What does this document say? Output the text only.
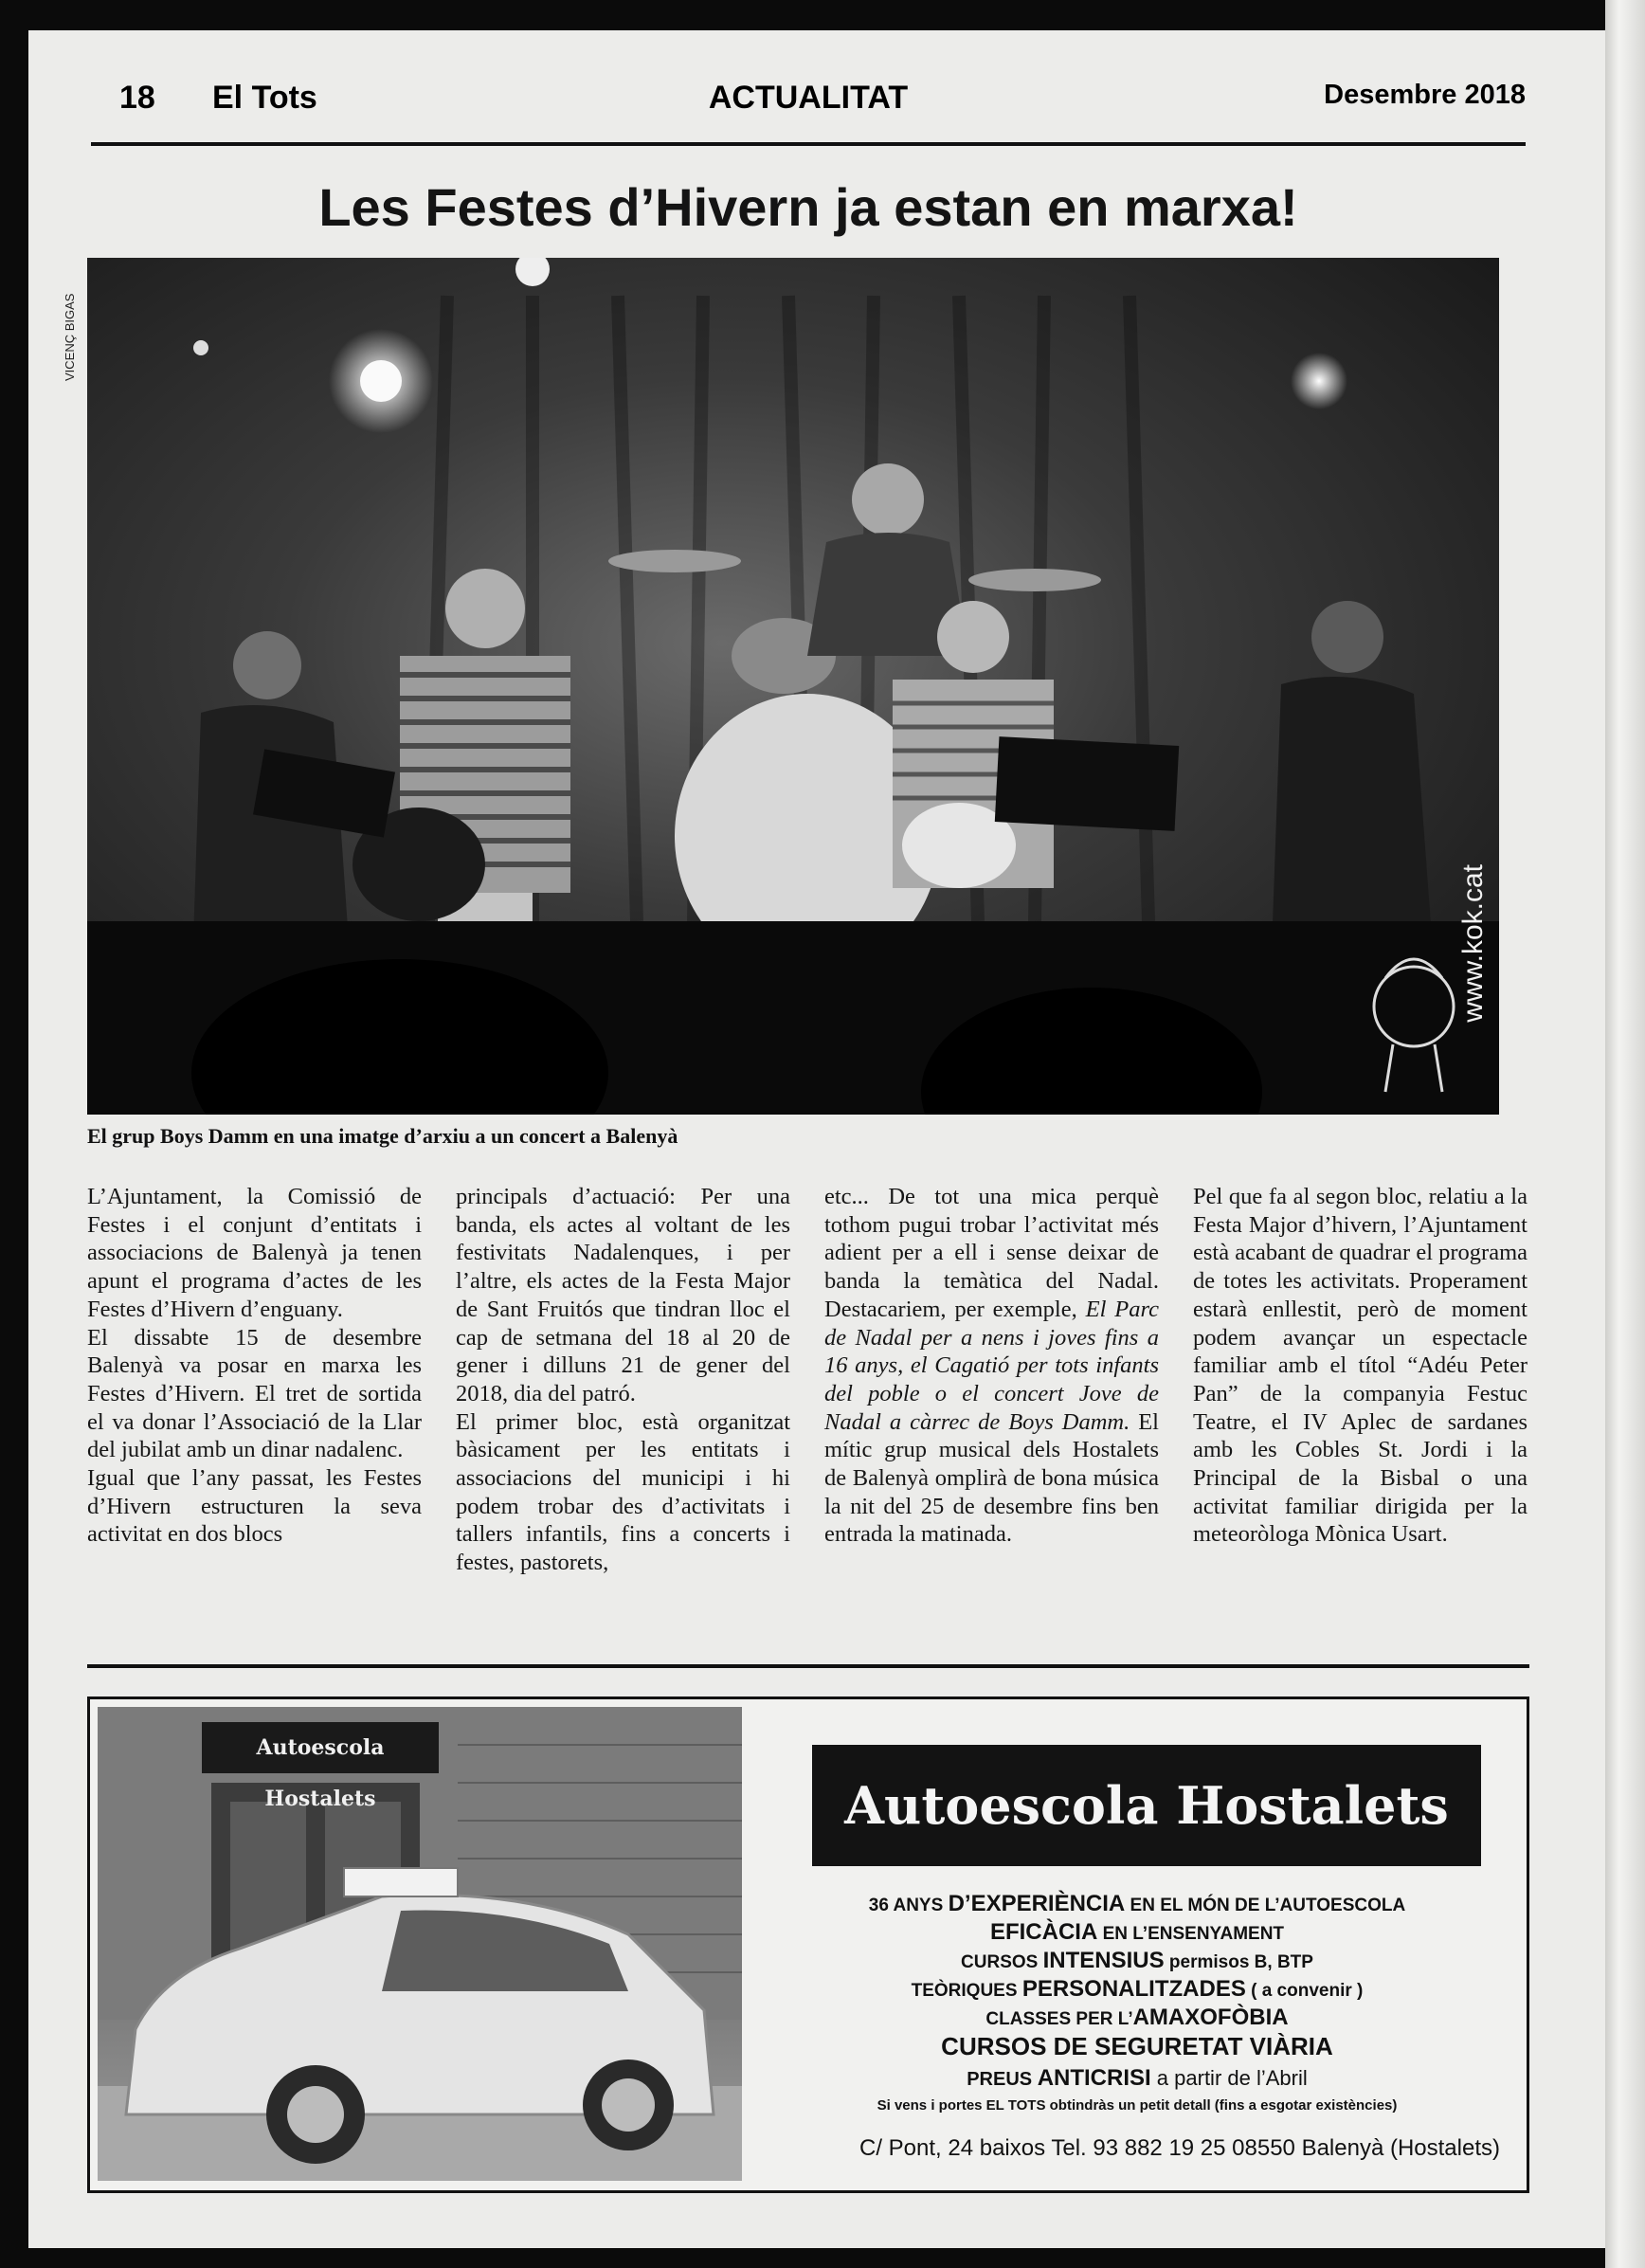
18 El Tots	ACTUALITAT	Desembre 2018
Les Festes d’Hivern ja estan en marxa!
VICENÇ BIGAS
www.kok.cat
El grup Boys Damm en una imatge d’arxiu a un concert a Balenyà

L’Ajuntament, la Comissió de Festes i el conjunt d’entitats i associacions de Balenyà ja tenen apunt el programa d’actes de les Festes d’Hivern d’enguany.

El dissabte 15 de desembre Balenyà va posar en marxa les Festes d’Hivern. El tret de sortida el va donar l’Associació de la Llar del jubilat amb un dinar nadalenc.

Igual que l’any passat, les Festes d’Hivern estructuren la seva activitat en dos blocs

principals d’actuació: Per una banda, els actes al voltant de les festivitats Nadalenques, i per l’altre, els actes de la Festa Major de Sant Fruitós que tindran lloc el cap de setmana del 18 al 20 de gener i dilluns 21 de gener del 2018, dia del patró.

El primer bloc, està organitzat bàsicament per les entitats i associacions del municipi i hi podem trobar des d’activitats i tallers infantils, fins a concerts i festes, pastorets,

etc... De tot una mica perquè tothom pugui trobar l’activitat més adient per a ell i sense deixar de banda la temàtica del Nadal. Destacariem, per exemple, El Parc de Nadal per a nens i joves fins a 16 anys, el Cagatió per tots infants del poble o el concert Jove de Nadal a càrrec de Boys Damm. El mític grup musical dels Hostalets de Balenyà omplirà de bona música la nit del 25 de desembre fins ben entrada la matinada.

Pel que fa al segon bloc, relatiu a la Festa Major d’hivern, l’Ajuntament està acabant de quadrar el programa de totes les activitats. Properament estarà enllestit, però de moment podem avançar un espectacle familiar amb el títol “Adéu Peter Pan” de la companyia Festuc Teatre, el IV Aplec de sardanes amb les Cobles St. Jordi i la Principal de la Bisbal o una activitat familiar dirigida per la meteoròloga Mònica Usart.

Autoescola Hostalets	Autoescola Hostalets
36 ANYS D’EXPERIÈNCIA EN EL MÓN DE L’AUTOESCOLA
EFICÀCIA EN L’ENSENYAMENT
CURSOS INTENSIUS permisos B, BTP
TEÒRIQUES PERSONALITZADES ( a convenir )
CLASSES PER L’AMAXOFÒBIA
CURSOS DE SEGURETAT VIÀRIA
PREUS ANTICRISI a partir de l’Abril
Si vens i portes EL TOTS obtindràs un petit detall (fins a esgotar existències)
C/ Pont, 24 baixos Tel. 93 882 19 25 08550 Balenyà (Hostalets)
